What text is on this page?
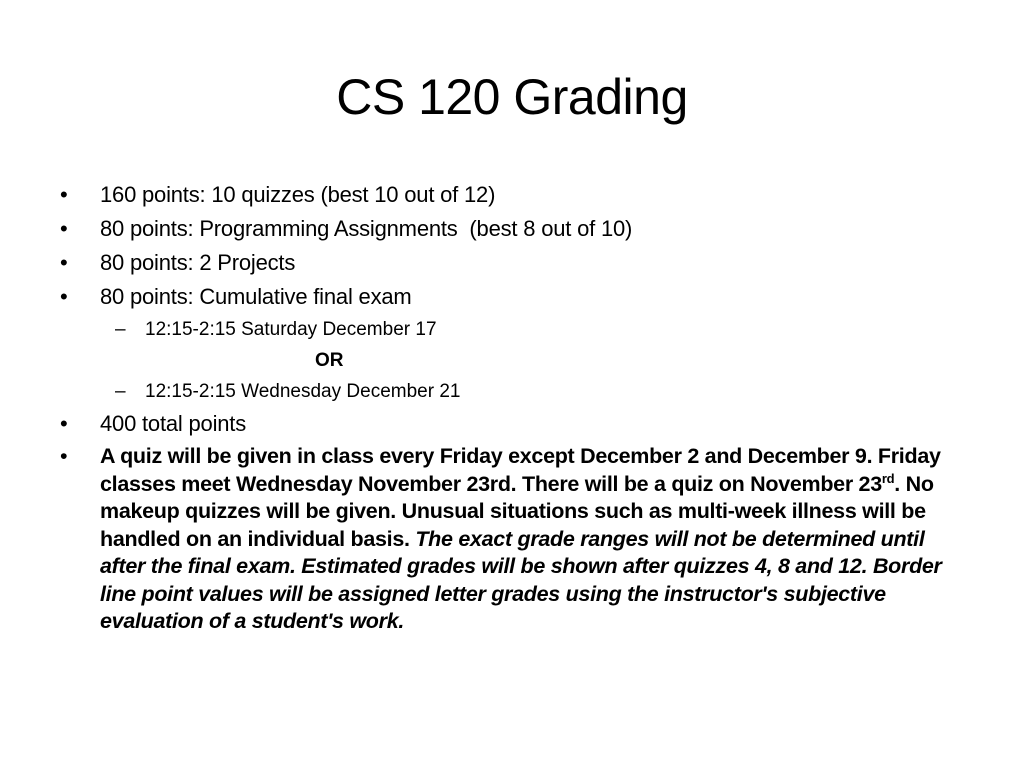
CS 120 Grading
•	160 points: 10 quizzes (best 10 out of 12)
•	80 points: Programming Assignments  (best 8 out of 10)
•	80 points: 2 Projects
•	80 points: Cumulative final exam
– 12:15-2:15 Saturday December 17
OR
– 12:15-2:15 Wednesday December 21
•	400 total points
•	A quiz will be given in class every Friday except December 2 and December 9. Friday classes meet Wednesday November 23rd. There will be a quiz on November 23rd. No makeup quizzes will be given. Unusual situations such as multi-week illness will be handled on an individual basis. The exact grade ranges will not be determined until after the final exam. Estimated grades will be shown after quizzes 4, 8 and 12. Border line point values will be assigned letter grades using the instructor's subjective evaluation of a student's work.
